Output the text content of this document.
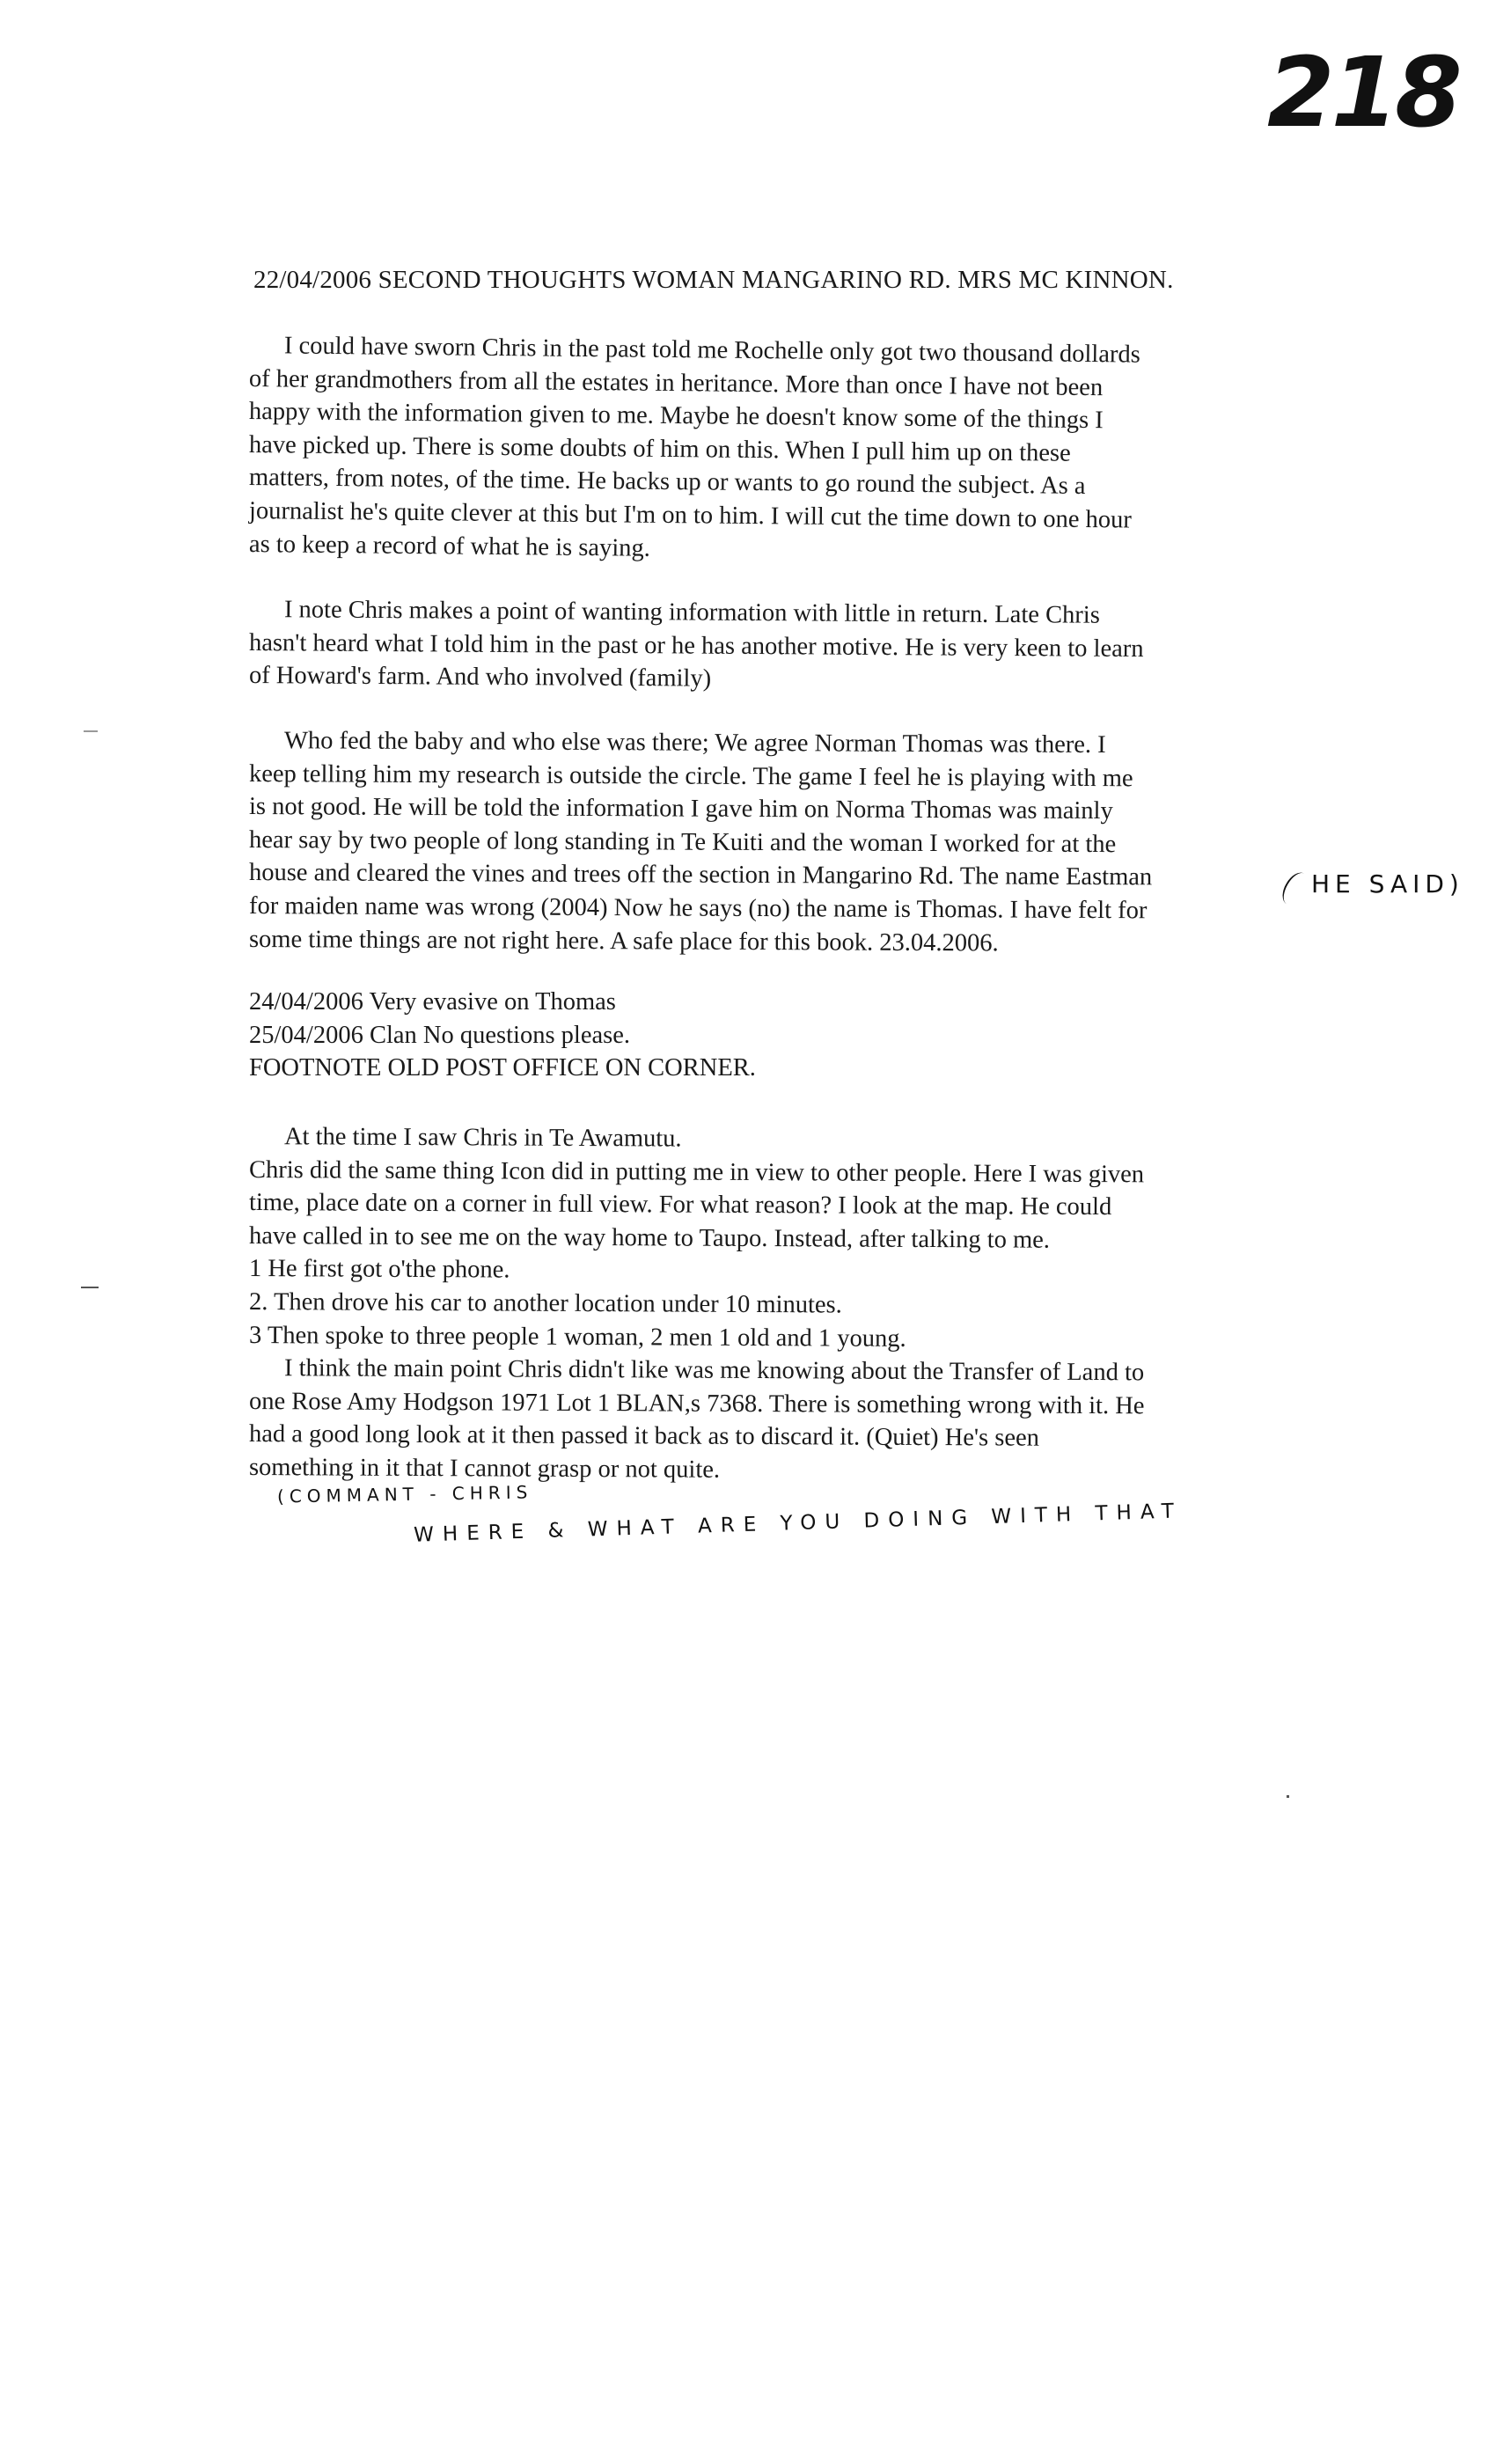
218
22/04/2006 SECOND THOUGHTS WOMAN MANGARINO RD. MRS MC KINNON.

I could have sworn Chris in the past told me Rochelle only got two thousand dollards
of her grandmothers from all the estates in heritance. More than once I have not been
happy with the information given to me. Maybe he doesn't know some of the things I
have picked up. There is some doubts of him on this. When I pull him up on these
matters, from notes, of the time. He backs up or wants to go round the subject. As a
journalist he's quite clever at this but I'm on to him. I will cut the time down to one hour
as to keep a record of what he is saying.

I note Chris makes a point of wanting information with little in return. Late Chris
hasn't heard what I told him in the past or he has another motive. He is very keen to learn
of Howard's farm. And who involved (family)

Who fed the baby and who else was there; We agree Norman Thomas was there. I
keep telling him my research is outside the circle. The game I feel he is playing with me
is not good. He will be told the information I gave him on Norma Thomas was mainly
hear say by two people of long standing in Te Kuiti and the woman I worked for at the
house and cleared the vines and trees off the section in Mangarino Rd. The name Eastman
for maiden name was wrong (2004) Now he says (no) the name is Thomas. I have felt for
some time things are not right here. A safe place for this book. 23.04.2006.

24/04/2006 Very evasive on Thomas
25/04/2006 Clan No questions please.
FOOTNOTE OLD POST OFFICE ON CORNER.

At the time I saw Chris in Te Awamutu.
Chris did the same thing Icon did in putting me in view to other people. Here I was given
time, place date on a corner in full view. For what reason? I look at the map. He could
have called in to see me on the way home to Taupo. Instead, after talking to me.
1 He first got o'the phone.
2. Then drove his car to another location under 10 minutes.
3 Then spoke to three people 1 woman, 2 men 1 old and 1 young.
I think the main point Chris didn't like was me knowing about the Transfer of Land to
one Rose Amy Hodgson 1971 Lot 1 BLAN,s 7368. There is something wrong with it. He
had a good long look at it then passed it back as to discard it. (Quiet) He's seen
something in it that I cannot grasp or not quite.

HE SAID)
(COMMANT - CHRIS
WHERE & WHAT ARE YOU DOING WITH THAT
